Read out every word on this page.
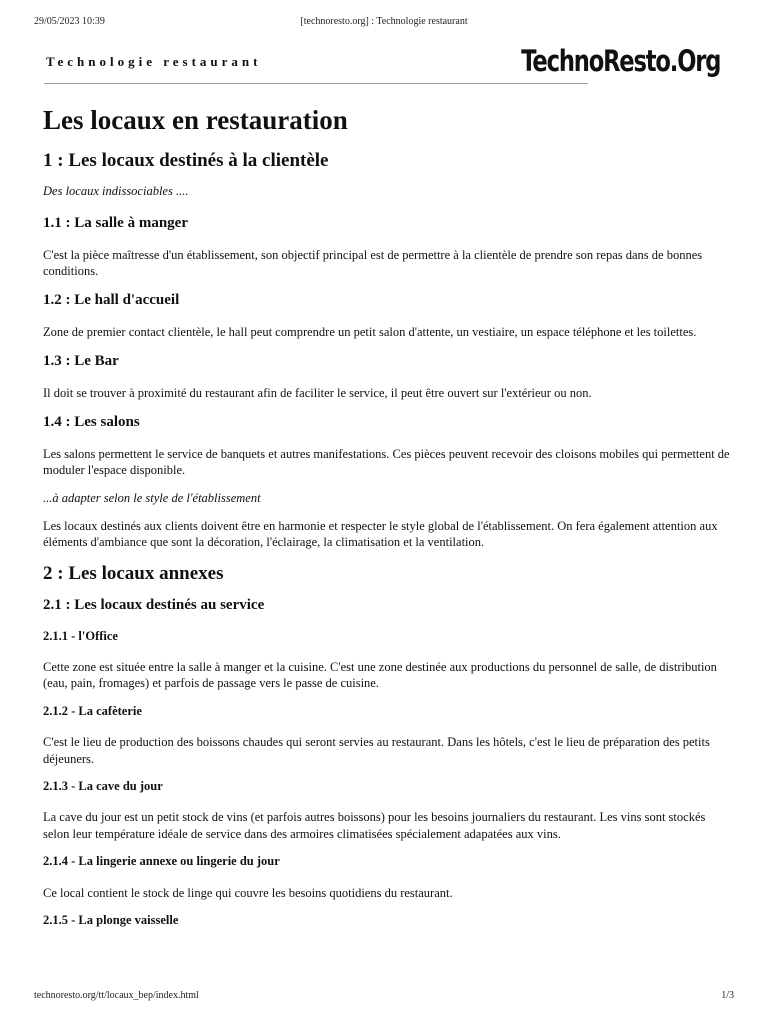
29/05/2023 10:39	[technoresto.org] : Technologie restaurant
Technologie restaurant	TechnoResto.Org
Les locaux en restauration
1 : Les locaux destinés à la clientèle

Des locaux indissociables ....

1.1 : La salle à manger

C'est la pièce maîtresse d'un établissement, son objectif principal est de permettre à la clientèle de prendre son repas dans de bonnes conditions.

1.2 : Le hall d'accueil

Zone de premier contact clientèle, le hall peut comprendre un petit salon d'attente, un vestiaire, un espace téléphone et les toilettes.

1.3 : Le Bar

Il doit se trouver à proximité du restaurant afin de faciliter le service, il peut être ouvert sur l'extérieur ou non.

1.4 : Les salons

Les salons permettent le service de banquets et autres manifestations. Ces pièces peuvent recevoir des cloisons mobiles qui permettent de moduler l'espace disponible.

...à adapter selon le style de l'établissement

Les locaux destinés aux clients doivent être en harmonie et respecter le style global de l'établissement. On fera également attention aux éléments d'ambiance que sont la décoration, l'éclairage, la climatisation et la ventilation.

2 : Les locaux annexes
2.1 : Les locaux destinés au service
2.1.1 - l'Office

Cette zone est située entre la salle à manger et la cuisine. C'est une zone destinée aux productions du personnel de salle, de distribution (eau, pain, fromages) et parfois de passage vers le passe de cuisine.

2.1.2 - La cafèterie

C'est le lieu de production des boissons chaudes qui seront servies au restaurant. Dans les hôtels, c'est le lieu de préparation des petits déjeuners.

2.1.3 - La cave du jour

La cave du jour est un petit stock de vins (et parfois autres boissons) pour les besoins journaliers du restaurant. Les vins sont stockés selon leur température idéale de service dans des armoires climatisées spécialement adapatées aux vins.

2.1.4 - La lingerie annexe ou lingerie du jour

Ce local contient le stock de linge qui couvre les besoins quotidiens du restaurant.

2.1.5 - La plonge vaisselle
technoresto.org/tt/locaux_bep/index.html	1/3
